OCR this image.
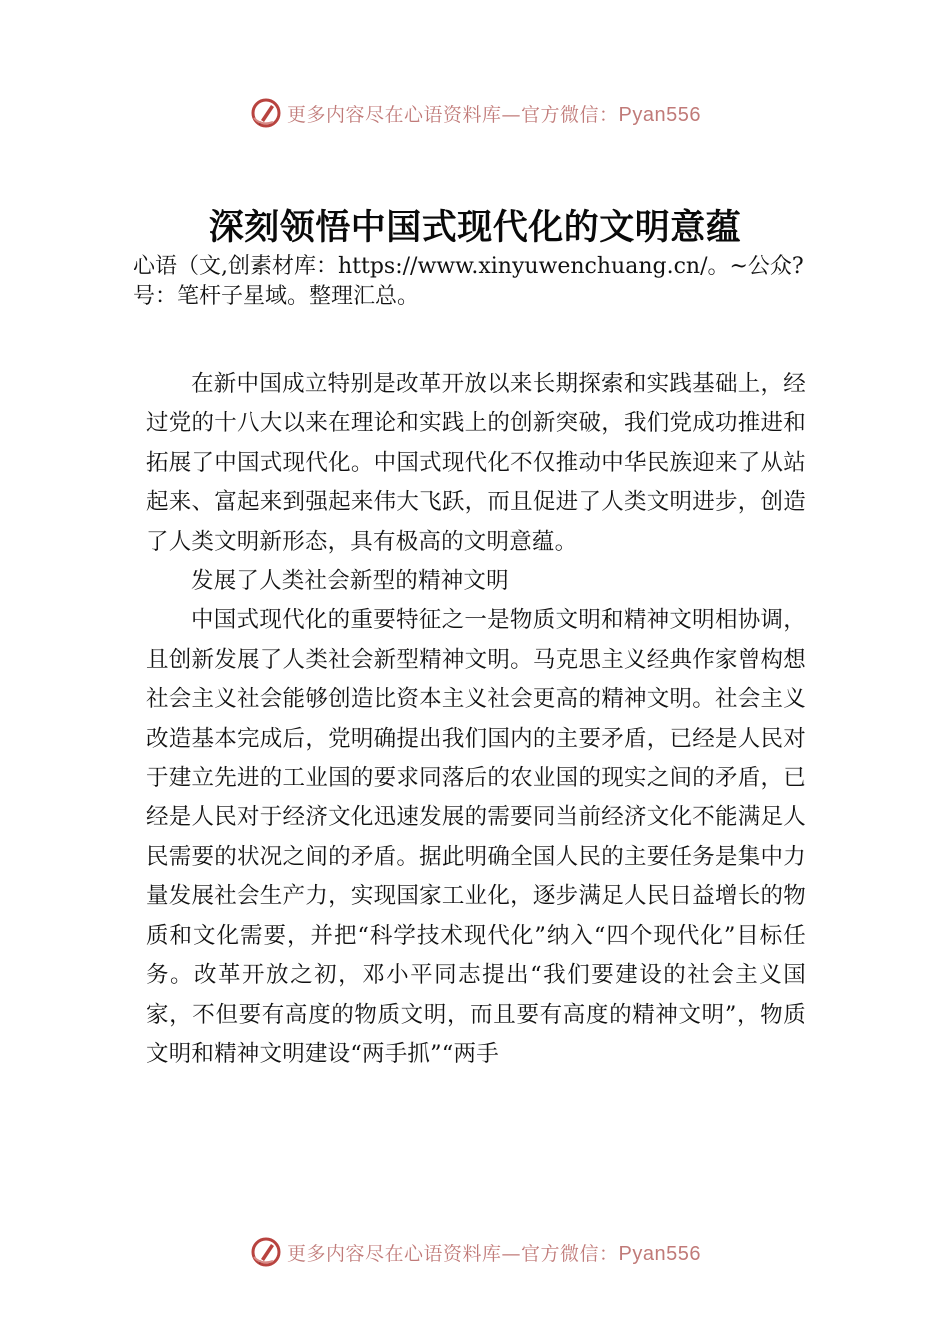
更多内容尽在心语资料库—官方微信：Pyan556
深刻领悟中国式现代化的文明意蕴

心语（文,创素材库：https://www.xinyuwenchuang.cn/。~公众?号：笔杆子星域。整理汇总。

在新中国成立特别是改革开放以来长期探索和实践基础上，经过党的十八大以来在理论和实践上的创新突破，我们党成功推进和拓展了中国式现代化。中国式现代化不仅推动中华民族迎来了从站起来、富起来到强起来伟大飞跃，而且促进了人类文明进步，创造了人类文明新形态，具有极高的文明意蕴。

发展了人类社会新型的精神文明

中国式现代化的重要特征之一是物质文明和精神文明相协调，且创新发展了人类社会新型精神文明。马克思主义经典作家曾构想社会主义社会能够创造比资本主义社会更高的精神文明。社会主义改造基本完成后，党明确提出我们国内的主要矛盾，已经是人民对于建立先进的工业国的要求同落后的农业国的现实之间的矛盾，已经是人民对于经济文化迅速发展的需要同当前经济文化不能满足人民需要的状况之间的矛盾。据此明确全国人民的主要任务是集中力量发展社会生产力，实现国家工业化，逐步满足人民日益增长的物质和文化需要，并把“科学技术现代化”纳入“四个现代化”目标任务。改革开放之初，邓小平同志提出“我们要建设的社会主义国家，不但要有高度的物质文明，而且要有高度的精神文明”，物质文明和精神文明建设“两手抓”“两手

更多内容尽在心语资料库—官方微信：Pyan556
